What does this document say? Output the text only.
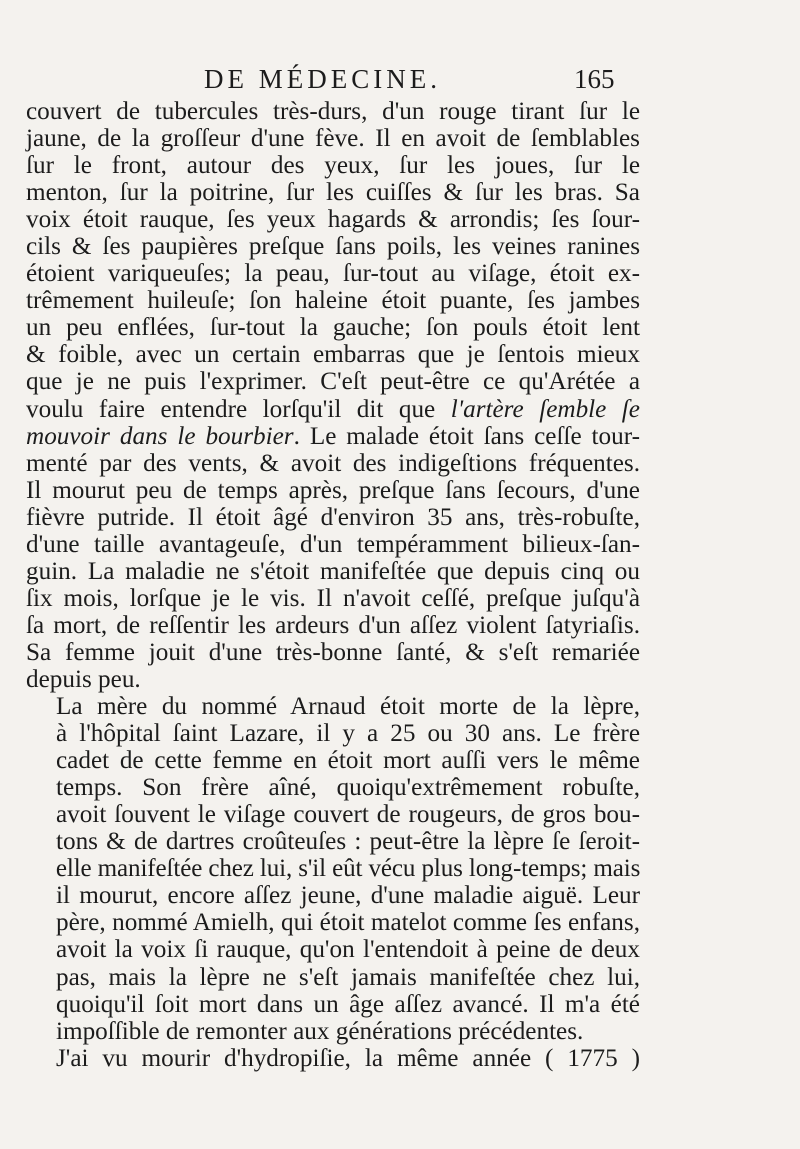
DE MÉDECINE.	165

couvert de tubercules très-durs, d'un rouge tirant ſur le
jaune, de la groſſeur d'une fève. Il en avoit de ſemblables
ſur le front, autour des yeux, ſur les joues, ſur le
menton, ſur la poitrine, ſur les cuiſſes & ſur les bras. Sa
voix étoit rauque, ſes yeux hagards & arrondis; ſes ſour-
cils & ſes paupières preſque ſans poils, les veines ranines
étoient variqueuſes; la peau, ſur-tout au viſage, étoit ex-
trêmement huileuſe; ſon haleine étoit puante, ſes jambes
un peu enflées, ſur-tout la gauche; ſon pouls étoit lent
& foible, avec un certain embarras que je ſentois mieux
que je ne puis l'exprimer. C'eſt peut-être ce qu'Arétée a
voulu faire entendre lorſqu'il dit que l'artère ſemble ſe
mouvoir dans le bourbier. Le malade étoit ſans ceſſe tour-
menté par des vents, & avoit des indigeſtions fréquentes.
Il mourut peu de temps après, preſque ſans ſecours, d'une
fièvre putride. Il étoit âgé d'environ 35 ans, très-robuſte,
d'une taille avantageuſe, d'un tempéramment bilieux-ſan-
guin. La maladie ne s'étoit manifeſtée que depuis cinq ou
ſix mois, lorſque je le vis. Il n'avoit ceſſé, preſque juſqu'à
ſa mort, de reſſentir les ardeurs d'un aſſez violent ſatyriaſis.
Sa femme jouit d'une très-bonne ſanté, & s'eſt remariée
depuis peu.

La mère du nommé Arnaud étoit morte de la lèpre,
à l'hôpital ſaint Lazare, il y a 25 ou 30 ans. Le frère
cadet de cette femme en étoit mort auſſi vers le même
temps. Son frère aîné, quoiqu'extrêmement robuſte,
avoit ſouvent le viſage couvert de rougeurs, de gros bou-
tons & de dartres croûteuſes : peut-être la lèpre ſe ſeroit-
elle manifeſtée chez lui, s'il eût vécu plus long-temps; mais
il mourut, encore aſſez jeune, d'une maladie aiguë. Leur
père, nommé Amielh, qui étoit matelot comme ſes enfans,
avoit la voix ſi rauque, qu'on l'entendoit à peine de deux
pas, mais la lèpre ne s'eſt jamais manifeſtée chez lui,
quoiqu'il ſoit mort dans un âge aſſez avancé. Il m'a été
impoſſible de remonter aux générations précédentes.

J'ai vu mourir d'hydropiſie, la même année ( 1775 )
